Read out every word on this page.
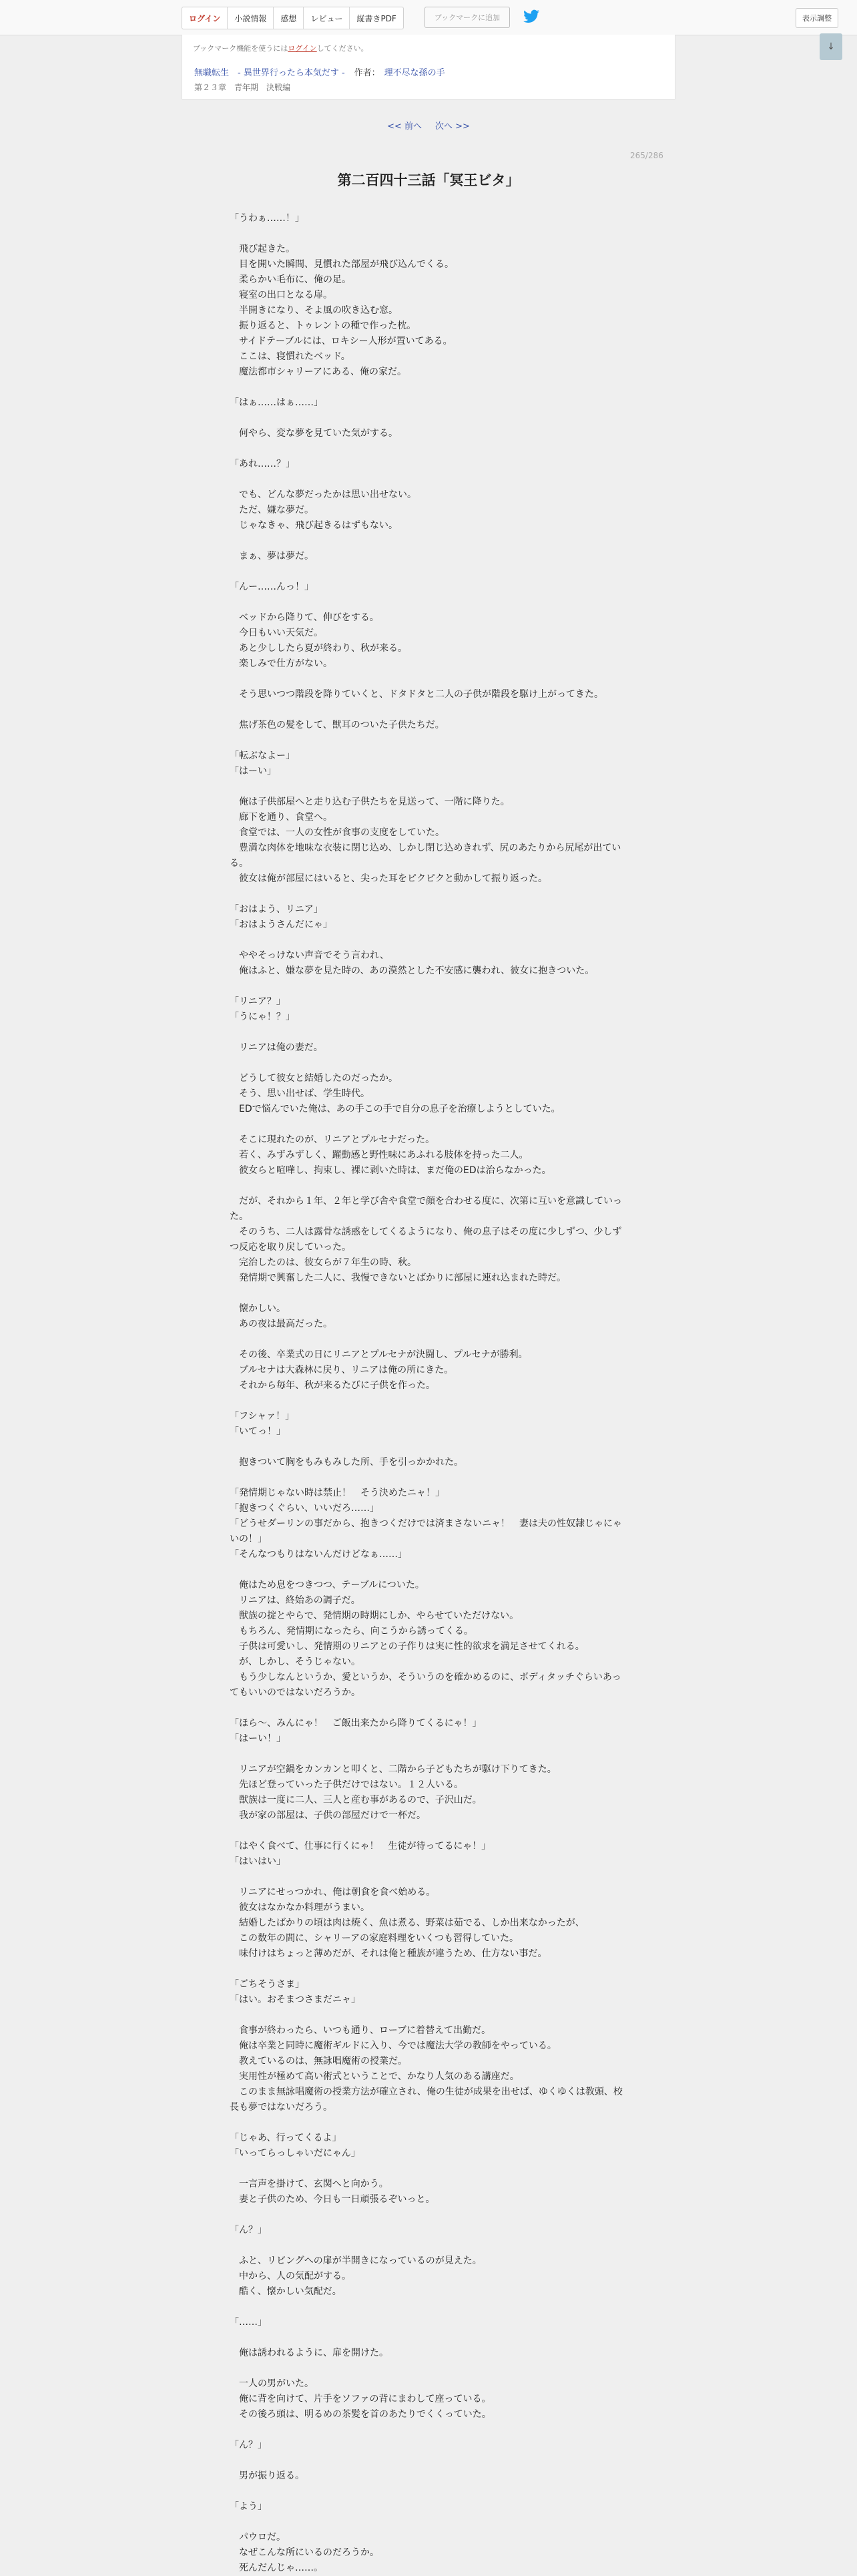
ログイン	小説情報	感想	レビュー	縦書きPDF	ブックマークに追加	表示調整
↓
ブックマーク機能を使うにはログインしてください。
無職転生　- 異世界行ったら本気だす - 作者： 理不尽な孫の手
第２３章　青年期　決戦編
<< 前へ 次へ >>
265/286
第二百四十三話「冥王ビタ」

「うわぁ……！」

　飛び起きた。

　目を開いた瞬間、見慣れた部屋が飛び込んでくる。

　柔らかい毛布に、俺の足。

　寝室の出口となる扉。

　半開きになり、そよ風の吹き込む窓。

　振り返ると、トゥレントの種で作った枕。

　サイドテーブルには、ロキシー人形が置いてある。

　ここは、寝慣れたベッド。

　魔法都市シャリーアにある、俺の家だ。

「はぁ……はぁ……」

　何やら、変な夢を見ていた気がする。

「あれ……？」

　でも、どんな夢だったかは思い出せない。

　ただ、嫌な夢だ。

　じゃなきゃ、飛び起きるはずもない。

　まぁ、夢は夢だ。

「んー……んっ！」

　ベッドから降りて、伸びをする。

　今日もいい天気だ。

　あと少ししたら夏が終わり、秋が来る。

　楽しみで仕方がない。

　そう思いつつ階段を降りていくと、ドタドタと二人の子供が階段を駆け上がってきた。

　焦げ茶色の髪をして、獣耳のついた子供たちだ。

「転ぶなよー」

「はーい」

　俺は子供部屋へと走り込む子供たちを見送って、一階に降りた。

　廊下を通り、食堂へ。

　食堂では、一人の女性が食事の支度をしていた。

　豊満な肉体を地味な衣装に閉じ込め、しかし閉じ込めきれず、尻のあたりから尻尾が出ている。

　彼女は俺が部屋にはいると、尖った耳をピクピクと動かして振り返った。

「おはよう、リニア」

「おはようさんだにゃ」

　ややそっけない声音でそう言われ、

　俺はふと、嫌な夢を見た時の、あの漠然とした不安感に襲われ、彼女に抱きついた。

「リニア？」

「うにゃ！？」

　リニアは俺の妻だ。

　どうして彼女と結婚したのだったか。

　そう、思い出せば、学生時代。

　EDで悩んでいた俺は、あの手この手で自分の息子を治療しようとしていた。

　そこに現れたのが、リニアとプルセナだった。

　若く、みずみずしく、躍動感と野性味にあふれる肢体を持った二人。

　彼女らと喧嘩し、拘束し、裸に剥いた時は、まだ俺のEDは治らなかった。

　だが、それから１年、２年と学び舎や食堂で顔を合わせる度に、次第に互いを意識していった。

　そのうち、二人は露骨な誘惑をしてくるようになり、俺の息子はその度に少しずつ、少しずつ反応を取り戻していった。

　完治したのは、彼女らが７年生の時、秋。

　発情期で興奮した二人に、我慢できないとばかりに部屋に連れ込まれた時だ。

　懐かしい。

　あの夜は最高だった。

　その後、卒業式の日にリニアとプルセナが決闘し、プルセナが勝利。

　プルセナは大森林に戻り、リニアは俺の所にきた。

　それから毎年、秋が来るたびに子供を作った。

「フシャァ！」

「いてっ！」

　抱きついて胸をもみもみした所、手を引っかかれた。

「発情期じゃない時は禁止！　そう決めたニャ！」

「抱きつくぐらい、いいだろ……」

「どうせダーリンの事だから、抱きつくだけでは済まさないニャ！　妻は夫の性奴隷じゃにゃいの！」

「そんなつもりはないんだけどなぁ……」

　俺はため息をつきつつ、テーブルについた。

　リニアは、終始あの調子だ。

　獣族の掟とやらで、発情期の時期にしか、やらせていただけない。

　もちろん、発情期になったら、向こうから誘ってくる。

　子供は可愛いし、発情期のリニアとの子作りは実に性的欲求を満足させてくれる。

　が、しかし、そうじゃない。

　もう少しなんというか、愛というか、そういうのを確かめるのに、ボディタッチぐらいあってもいいのではないだろうか。

「ほら～、みんにゃ！　ご飯出来たから降りてくるにゃ！」

「はーい！」

　リニアが空鍋をカンカンと叩くと、二階から子どもたちが駆け下りてきた。

　先ほど登っていった子供だけではない。１２人いる。

　獣族は一度に二人、三人と産む事があるので、子沢山だ。

　我が家の部屋は、子供の部屋だけで一杯だ。

「はやく食べて、仕事に行くにゃ！　生徒が待ってるにゃ！」

「はいはい」

　リニアにせっつかれ、俺は朝食を食べ始める。

　彼女はなかなか料理がうまい。

　結婚したばかりの頃は肉は焼く、魚は煮る、野菜は茹でる、しか出来なかったが、

　この数年の間に、シャリーアの家庭料理をいくつも習得していた。

　味付けはちょっと薄めだが、それは俺と種族が違うため、仕方ない事だ。

「ごちそうさま」

「はい。おそまつさまだニャ」

　食事が終わったら、いつも通り、ローブに着替えて出勤だ。

　俺は卒業と同時に魔術ギルドに入り、今では魔法大学の教師をやっている。

　教えているのは、無詠唱魔術の授業だ。

　実用性が極めて高い術式ということで、かなり人気のある講座だ。

　このまま無詠唱魔術の授業方法が確立され、俺の生徒が成果を出せば、ゆくゆくは教頭、校長も夢ではないだろう。

「じゃあ、行ってくるよ」

「いってらっしゃいだにゃん」

　一言声を掛けて、玄関へと向かう。

　妻と子供のため、今日も一日頑張るぞいっと。

「ん？」

　ふと、リビングへの扉が半開きになっているのが見えた。

　中から、人の気配がする。

　酷く、懐かしい気配だ。

「……」

　俺は誘われるように、扉を開けた。

　一人の男がいた。

　俺に背を向けて、片手をソファの背にまわして座っている。

　その後ろ頭は、明るめの茶髪を首のあたりでくくっていた。

「ん？」

　男が振り返る。

「よう」

　パウロだ。

　なぜこんな所にいるのだろうか。

　死んだんじゃ……。
